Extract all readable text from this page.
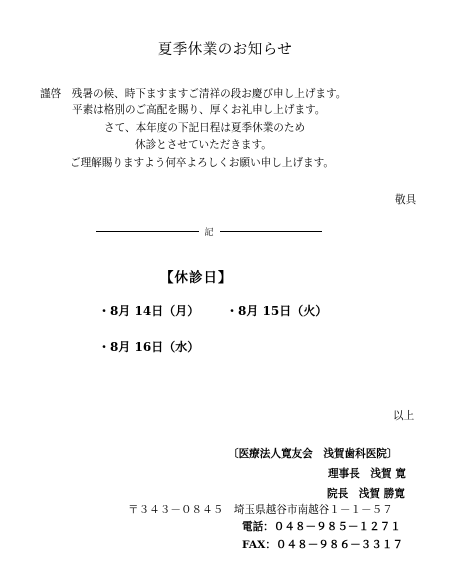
夏季休業のお知らせ
謹啓　残暑の候、時下ますますご清祥の段お慶び申し上げます。
平素は格別のご高配を賜り、厚くお礼申し上げます。
さて、本年度の下記日程は夏季休業のため
休診とさせていただきます。
ご理解賜りますよう何卒よろしくお願い申し上げます。
敬具
記
【休診日】
・8月 14日（月） ・8月 15日（火）
・8月 16日（水）
以上
〔医療法人寛友会　浅賀歯科医院〕
理事長　浅賀 寛
院長　浅賀 勝寛
〒３４３－０８４５　埼玉県越谷市南越谷１－１－５７
電話：０４８－９８５－１２７１
FAX：０４８－９８６－３３１７
